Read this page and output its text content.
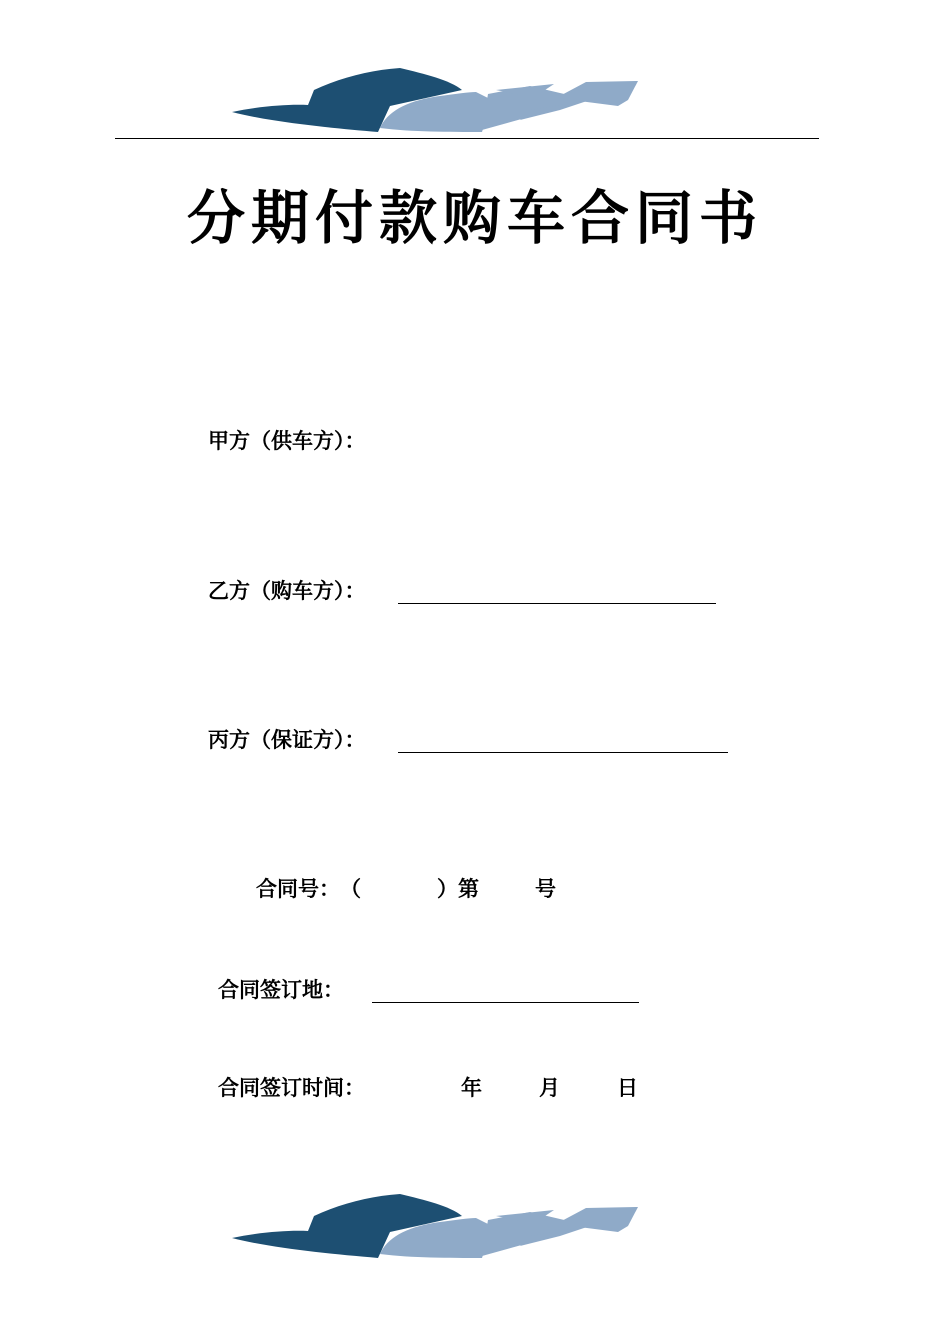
分期付款购车合同书
甲方（供车方）：
乙方（购车方）：
丙方（保证方）：
合同号：（	）第	号
合同签订地：
合同签订时间：	年	月	日
